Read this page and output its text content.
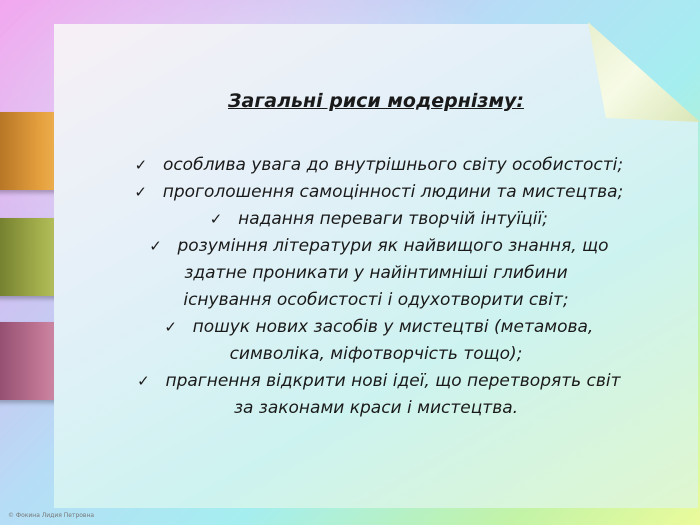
Загальні риси модернізму:
✓ особлива увага до внутрішнього світу особистості;
✓ проголошення самоцінності людини та мистецтва;
✓ надання переваги творчій інтуїції;
✓ розуміння літератури як найвищого знання, що
здатне проникати у найінтимніші глибини
існування особистості і одухотворити світ;
✓ пошук нових засобів у мистецтві (метамова,
символіка, міфотворчість тощо);
✓ прагнення відкрити нові ідеї, що перетворять світ
за законами краси і мистецтва.
© Фокина Лидия Петровна
